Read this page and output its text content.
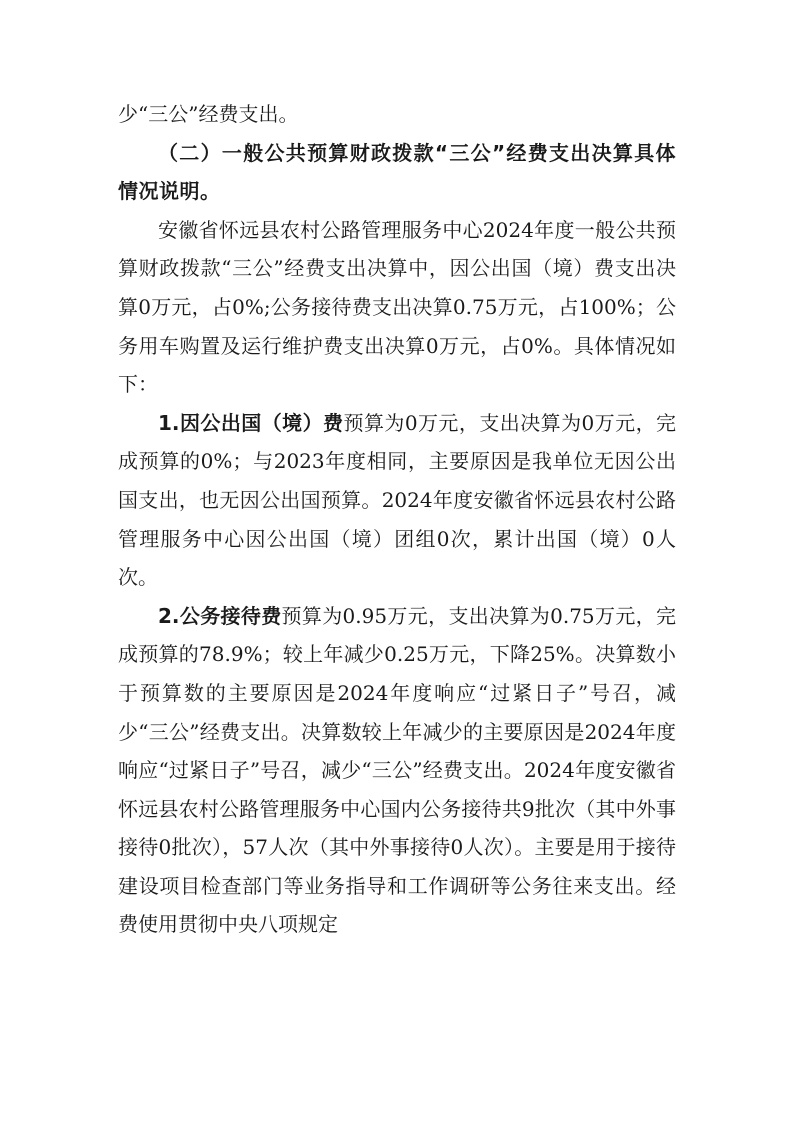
少“三公”经费支出。

（二）一般公共预算财政拨款“三公”经费支出决算具体情况说明。

安徽省怀远县农村公路管理服务中心2024年度一般公共预算财政拨款“三公”经费支出决算中，因公出国（境）费支出决算0万元，占0%;公务接待费支出决算0.75万元，占100%；公务用车购置及运行维护费支出决算0万元，占0%。具体情况如下：

1.因公出国（境）费预算为0万元，支出决算为0万元，完成预算的0%；与2023年度相同，主要原因是我单位无因公出国支出，也无因公出国预算。2024年度安徽省怀远县农村公路管理服务中心因公出国（境）团组0次，累计出国（境）0人次。

2.公务接待费预算为0.95万元，支出决算为0.75万元，完成预算的78.9%；较上年减少0.25万元，下降25%。决算数小于预算数的主要原因是2024年度响应“过紧日子”号召，减少“三公”经费支出。决算数较上年减少的主要原因是2024年度响应“过紧日子”号召，减少“三公”经费支出。2024年度安徽省怀远县农村公路管理服务中心国内公务接待共9批次（其中外事接待0批次），57人次（其中外事接待0人次）。主要是用于接待建设项目检查部门等业务指导和工作调研等公务往来支出。经费使用贯彻中央八项规定
